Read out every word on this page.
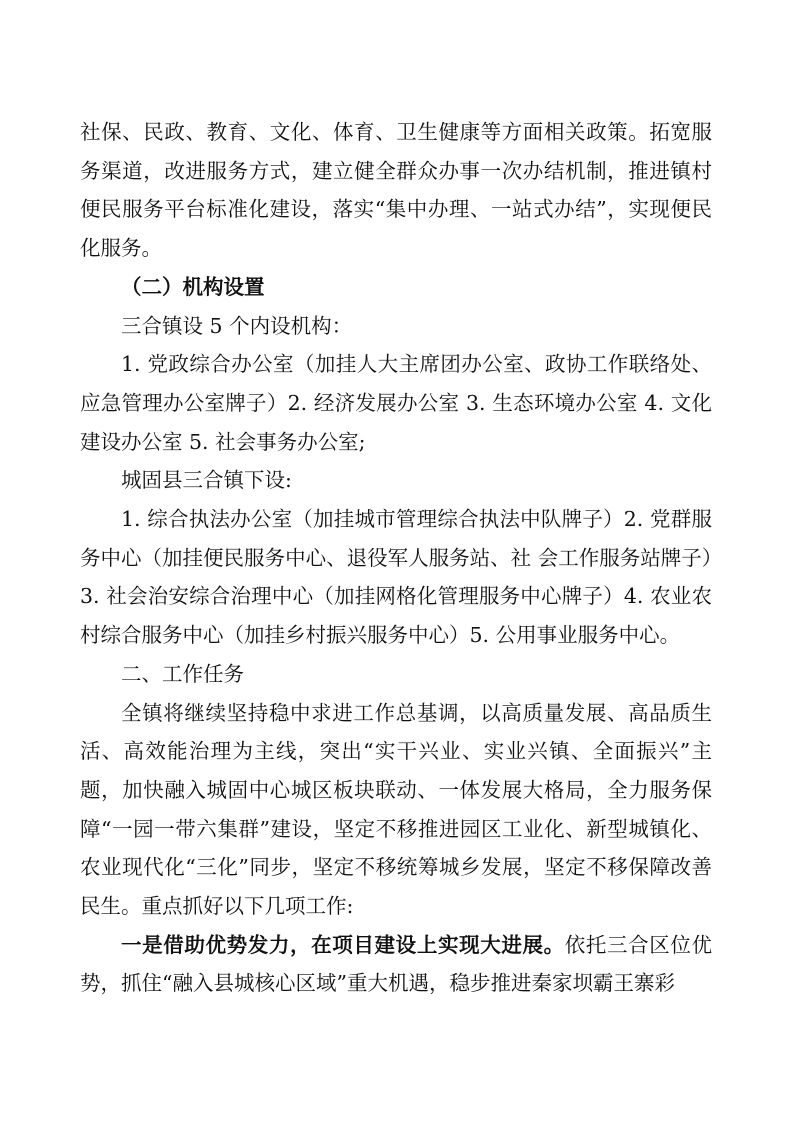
社保、民政、教育、文化、体育、卫生健康等方面相关政策。拓宽服务渠道，改进服务方式，建立健全群众办事一次办结机制，推进镇村便民服务平台标准化建设，落实“集中办理、一站式办结”，实现便民化服务。

（二）机构设置

三合镇设 5 个内设机构：

1. 党政综合办公室（加挂人大主席团办公室、政协工作联络处、应急管理办公室牌子）2. 经济发展办公室 3. 生态环境办公室 4. 文化建设办公室 5. 社会事务办公室;

城固县三合镇下设:

1. 综合执法办公室（加挂城市管理综合执法中队牌子）2. 党群服务中心（加挂便民服务中心、退役军人服务站、社 会工作服务站牌子）3. 社会治安综合治理中心（加挂网格化管理服务中心牌子）4. 农业农村综合服务中心（加挂乡村振兴服务中心）5. 公用事业服务中心。

二、工作任务

全镇将继续坚持稳中求进工作总基调，以高质量发展、高品质生活、高效能治理为主线，突出“实干兴业、实业兴镇、全面振兴”主题，加快融入城固中心城区板块联动、一体发展大格局，全力服务保障“一园一带六集群”建设，坚定不移推进园区工业化、新型城镇化、农业现代化“三化”同步，坚定不移统筹城乡发展，坚定不移保障改善民生。重点抓好以下几项工作:

一是借助优势发力，在项目建设上实现大进展。依托三合区位优势，抓住“融入县城核心区域”重大机遇，稳步推进秦家坝霸王寨彩
